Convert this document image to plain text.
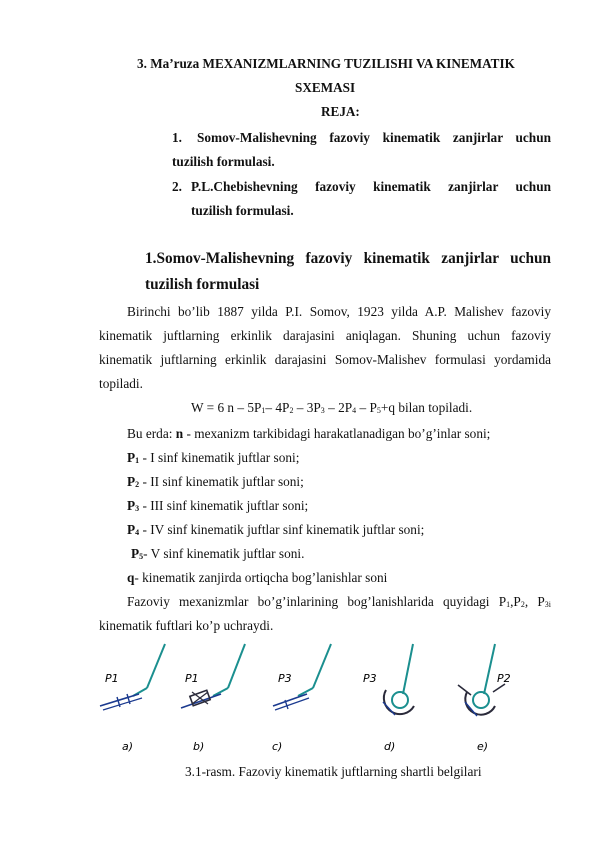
3. Ma’ruza MEXANIZMLARNING TUZILISHI VA KINEMATIK
SXEMASI
REJA:
1. Somov-Malishevning fazoviy kinematik zanjirlar uchun
tuzilish formulasi.
2. P.L.Chebishevning fazoviy kinematik zanjirlar uchun
tuzilish formulasi.
1.Somov-Malishevning fazoviy kinematik zanjirlar uchun
tuzilish formulasi
Birinchi bo’lib 1887 yilda P.I. Somov, 1923 yilda A.P. Malishev fazoviy
kinematik juftlarning erkinlik darajasini aniqlagan. Shuning uchun fazoviy
kinematik juftlarning erkinlik darajasini Somov-Malishev formulasi yordamida
topiladi.
W = 6 n – $5P_1-$ $4P_2 - 3P_3 - 2P_4 - P_5+q$ bilan topiladi.
Bu erda: n - mexanizm tarkibidagi harakatlanadigan bo’g’inlar soni;
$P_1$ - I sinf kinematik juftlar soni;
$P_2$ - II sinf kinematik juftlar soni;
$P_3$ - III sinf kinematik juftlar soni;
$P_4$ - IV sinf kinematik juftlar sinf kinematik juftlar soni;
$P_5-$ V sinf kinematik juftlar soni.
q- kinematik zanjirda ortiqcha bog’lanishlar soni
Fazoviy mexanizmlar bo’g’inlarining bog’lanishlarida quyidagi $P_1,P_2$, $P_{3i}$
kinematik fuftlari ko’p uchraydi.
P1	P1	P3	P3	P2
a)	b)	c)	d)	e)
3.1-rasm. Fazoviy kinematik juftlarning shartli belgilari
